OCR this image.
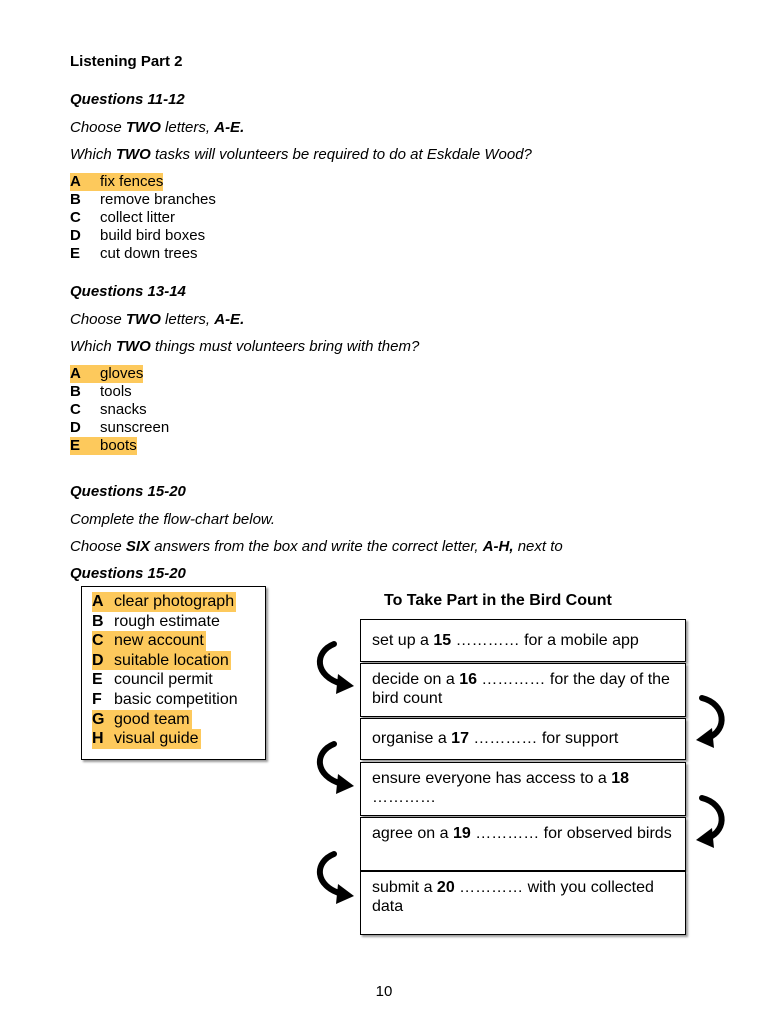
Listening Part 2
Questions 11-12
Choose TWO letters, A-E.
Which TWO tasks will volunteers be required to do at Eskdale Wood?
A fix fences
B remove branches
C collect litter
D build bird boxes
E cut down trees
Questions 13-14
Choose TWO letters, A-E.
Which TWO things must volunteers bring with them?
A gloves
B tools
C snacks
D sunscreen
E boots
Questions 15-20
Complete the flow-chart below.
Choose SIX answers from the box and write the correct letter, A-H, next to
Questions 15-20
A clear photograph
B rough estimate
C new account
D suitable location
E council permit
F basic competition
G good team
H visual guide
To Take Part in the Bird Count
set up a 15 ………… for a mobile app
decide on a 16 ………… for the day of the bird count
organise a 17 ………… for support
ensure everyone has access to a 18 …………
agree on a 19 ………… for observed birds
submit a 20 ………… with you collected data
10
